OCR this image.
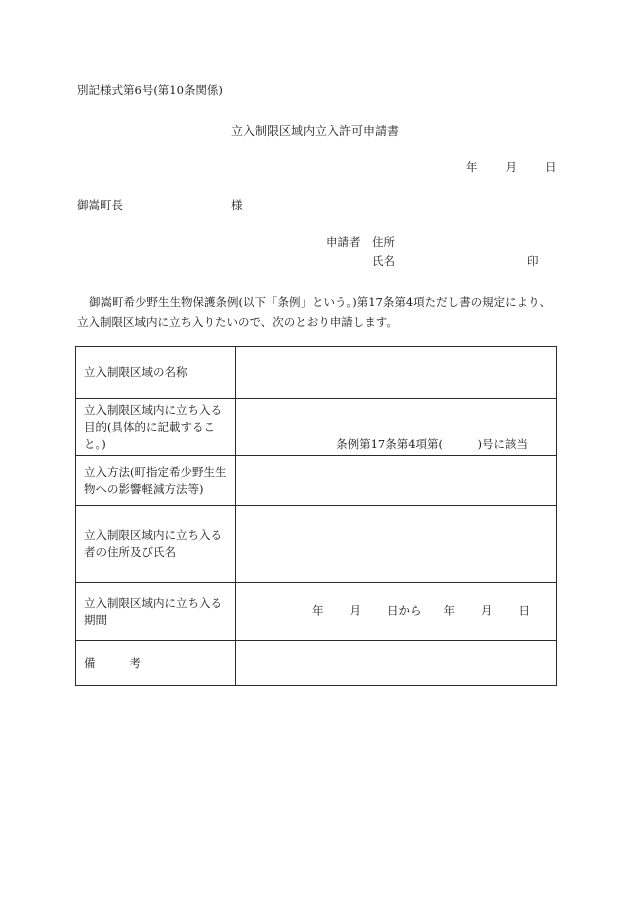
別記様式第6号(第10条関係)
立入制限区域内立入許可申請書
年 月 日
御嵩町長	様
申請者 住所
氏名	印
御嵩町希少野生生物保護条例(以下「条例」という。)第17条第4項ただし書の規定により、立入制限区域内に立ち入りたいので、次のとおり申請します。
立入制限区域の名称	
立入制限区域内に立ち入る目的(具体的に記載すること。)	条例第17条第4項第(　　　)号に該当

立入方法(町指定希少野生生物への影響軽減方法等)	
立入制限区域内に立ち入る者の住所及び氏名	
立入制限区域内に立ち入る期間	年 月 日から 年 月 日

備 考	
